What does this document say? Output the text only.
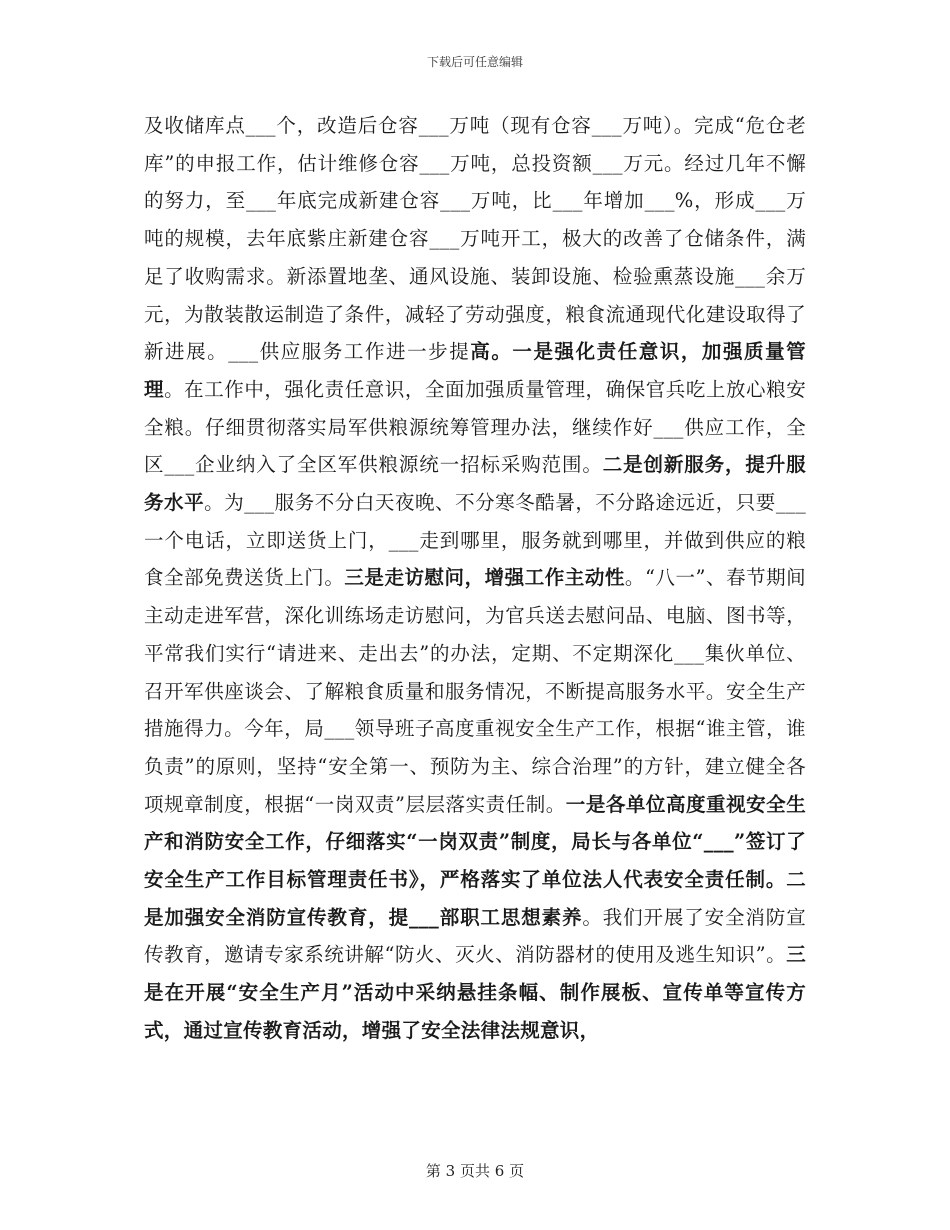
下载后可任意编辑
及收储库点___个，改造后仓容___万吨（现有仓容___万吨）。完成“危仓老库”的申报工作，估计维修仓容___万吨，总投资额___万元。经过几年不懈的努力，至___年底完成新建仓容___万吨，比___年增加___%，形成___万吨的规模，去年底紫庄新建仓容___万吨开工，极大的改善了仓储条件，满足了收购需求。新添置地垄、通风设施、装卸设施、检验熏蒸设施___余万元，为散装散运制造了条件，减轻了劳动强度，粮食流通现代化建设取得了新进展。___供应服务工作进一步提高。一是强化责任意识，加强质量管理。在工作中，强化责任意识，全面加强质量管理，确保官兵吃上放心粮安全粮。仔细贯彻落实局军供粮源统筹管理办法，继续作好___供应工作，全区___企业纳入了全区军供粮源统一招标采购范围。二是创新服务，提升服务水平。为___服务不分白天夜晚、不分寒冬酷暑，不分路途远近，只要___一个电话，立即送货上门，___走到哪里，服务就到哪里，并做到供应的粮食全部免费送货上门。三是走访慰问，增强工作主动性。“八一”、春节期间主动走进军营，深化训练场走访慰问，为官兵送去慰问品、电脑、图书等，平常我们实行“请进来、走出去”的办法，定期、不定期深化___集伙单位、召开军供座谈会、了解粮食质量和服务情况，不断提高服务水平。安全生产措施得力。今年，局___领导班子高度重视安全生产工作，根据“谁主管，谁负责”的原则，坚持“安全第一、预防为主、综合治理”的方针，建立健全各项规章制度，根据“一岗双责”层层落实责任制。一是各单位高度重视安全生产和消防安全工作，仔细落实“一岗双责”制度，局长与各单位“___”签订了安全生产工作目标管理责任书》，严格落实了单位法人代表安全责任制。二是加强安全消防宣传教育，提___部职工思想素养。我们开展了安全消防宣传教育，邀请专家系统讲解“防火、灭火、消防器材的使用及逃生知识”。三是在开展“安全生产月”活动中采纳悬挂条幅、制作展板、宣传单等宣传方式，通过宣传教育活动，增强了安全法律法规意识，
第 3 页共 6 页
